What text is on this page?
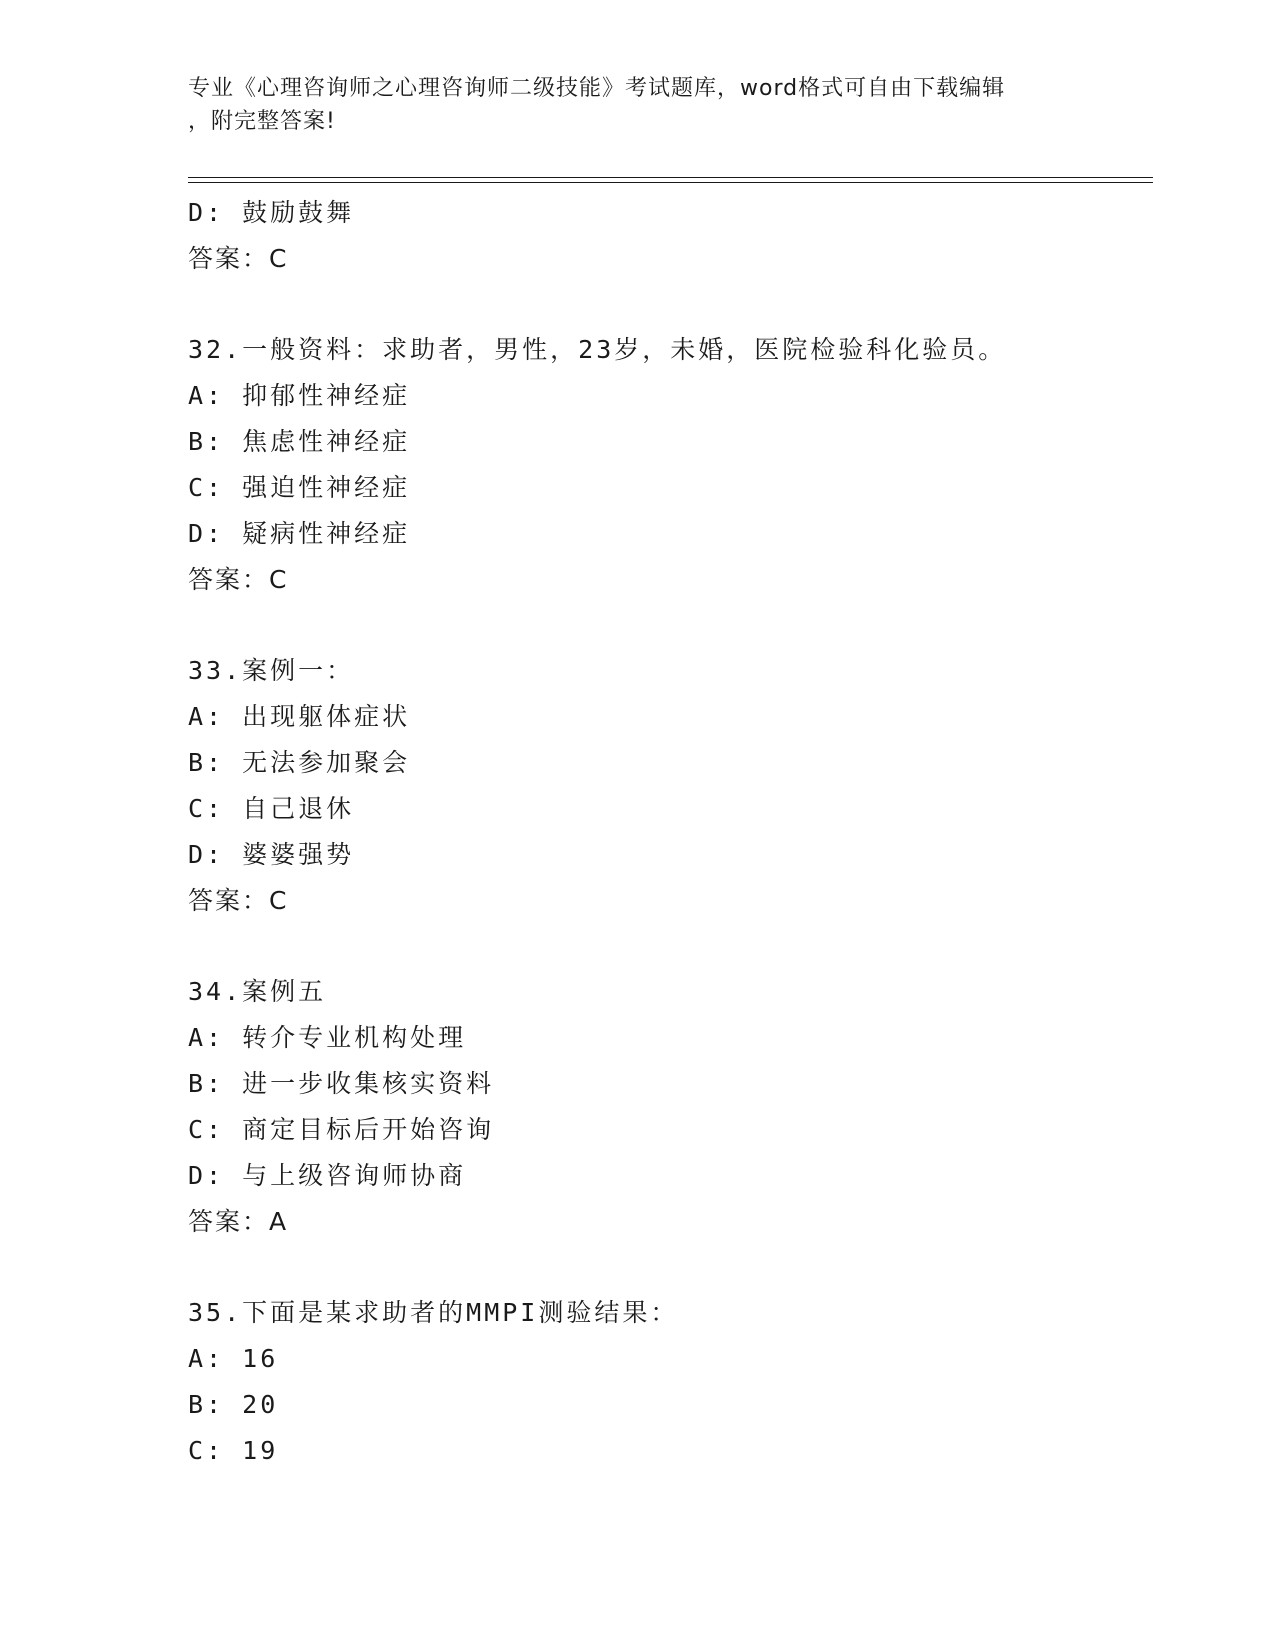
专业《心理咨询师之心理咨询师二级技能》考试题库，word格式可自由下载编辑
，附完整答案!
D: 鼓励鼓舞
答案：C
32.一般资料：求助者，男性，23岁，未婚，医院检验科化验员。
A: 抑郁性神经症
B: 焦虑性神经症
C: 强迫性神经症
D: 疑病性神经症
答案：C
33.案例一：
A: 出现躯体症状
B: 无法参加聚会
C: 自己退休
D: 婆婆强势
答案：C
34.案例五
A: 转介专业机构处理
B: 进一步收集核实资料
C: 商定目标后开始咨询
D: 与上级咨询师协商
答案：A
35.下面是某求助者的MMPI测验结果：
A: 16
B: 20
C: 19
